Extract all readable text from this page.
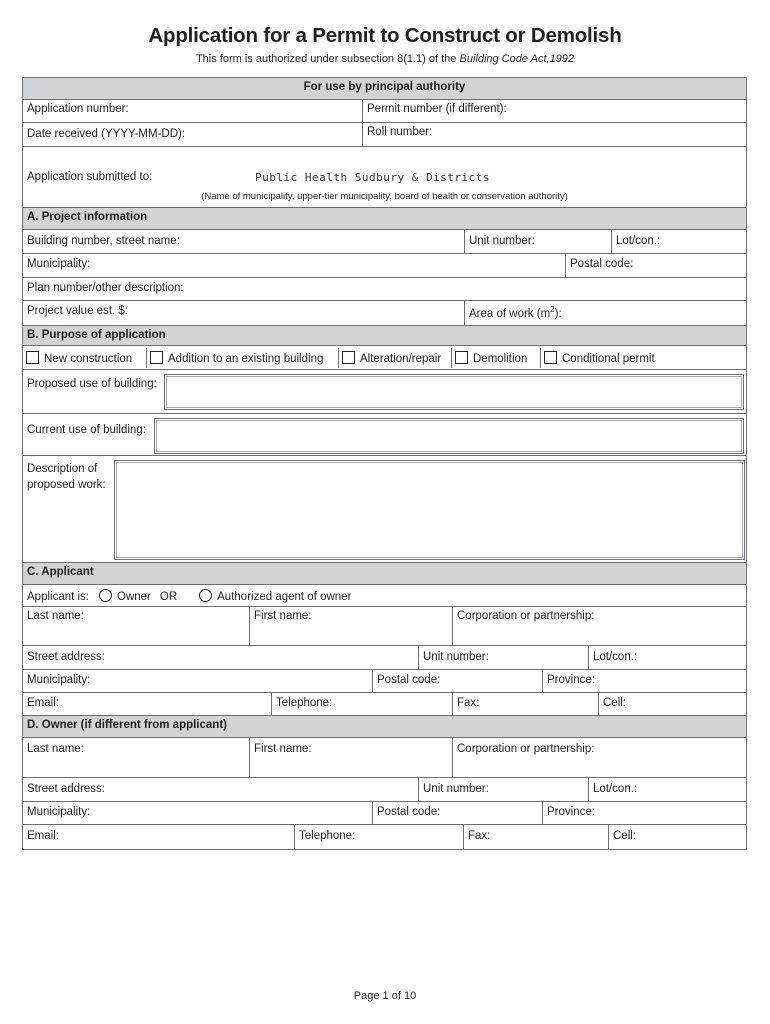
Application for a Permit to Construct or Demolish
This form is authorized under subsection 8(1.1) of the Building Code Act,1992
For use by principal authority
Application number:	Permit number (if different):
Date received (YYYY-MM-DD):	Roll number:
Application submitted to:	Public Health Sudbury & Districts
(Name of municipality, upper-tier municipality, board of health or conservation authority)
A. Project information
Building number, street name:	Unit number:	Lot/con.:
Municipality:	Postal code:
Plan number/other description:
Project value est. $:	Area of work $(m^2)$:
B. Purpose of application
New construction	Addition to an existing building	Alteration/repair	Demolition	Conditional permit
Proposed use of building:
Current use of building:
Description of
proposed work:
C. Applicant
Applicant is: Owner OR	Authorized agent of owner
Last name:	First name:	Corporation or partnership:
Street address:	Unit number:	Lot/con.:
Municipality:	Postal code:	Province:
Email:	Telephone:	Fax:	Cell:
D. Owner (if different from applicant)
Last name:	First name:	Corporation or partnership:
Street address:	Unit number:	Lot/con.:
Municipality:	Postal code:	Province:
Email:	Telephone:	Fax:	Cell:
Page 1 of 10
